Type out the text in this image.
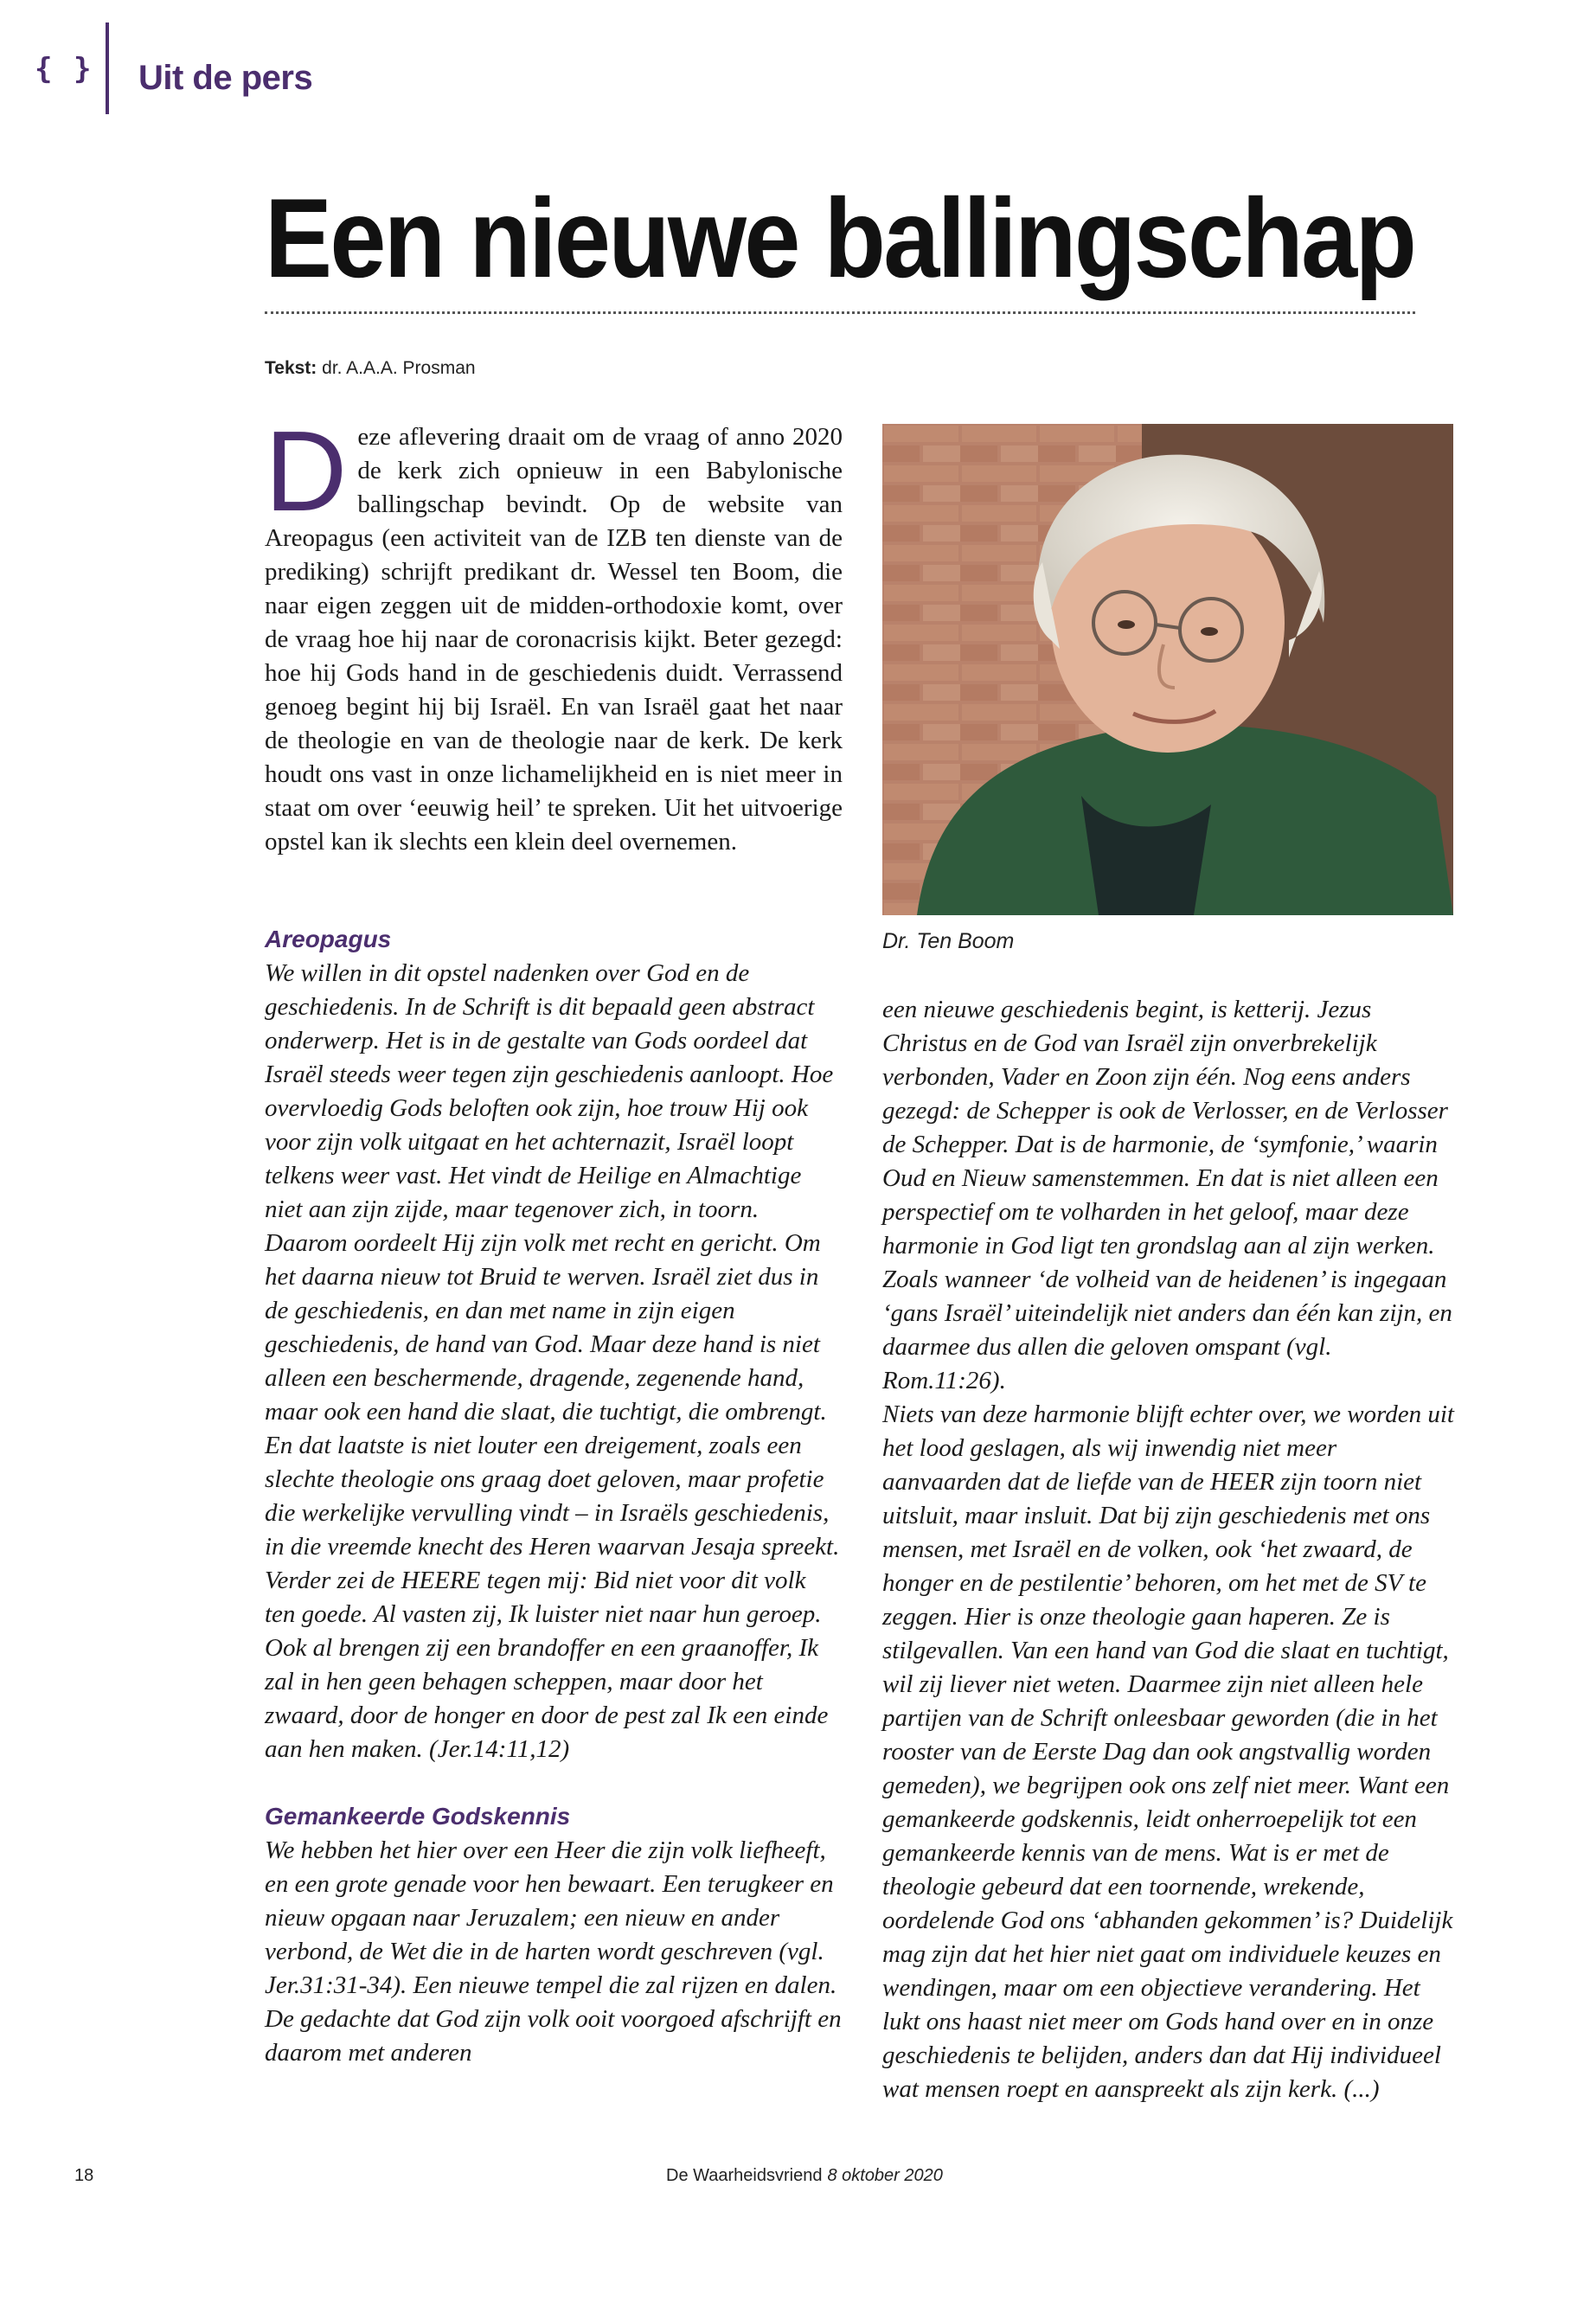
{ } Uit de pers
Een nieuwe ballingschap
Tekst: dr. A.A.A. Prosman
D eze aflevering draait om de vraag of anno 2020 de kerk zich opnieuw in een Babylonische ballingschap bevindt. Op de website van Areopagus (een activiteit van de IZB ten dienste van de prediking) schrijft predikant dr. Wessel ten Boom, die naar eigen zeggen uit de midden-orthodoxie komt, over de vraag hoe hij naar de coronacrisis kijkt. Beter gezegd: hoe hij Gods hand in de geschiedenis duidt. Verrassend genoeg begint hij bij Israël. En van Israël gaat het naar de theologie en van de theologie naar de kerk. De kerk houdt ons vast in onze lichamelijkheid en is niet meer in staat om over ‘eeuwig heil’ te spreken. Uit het uitvoerige opstel kan ik slechts een klein deel overnemen.
Dr. Ten Boom
Areopagus
We willen in dit opstel nadenken over God en de geschiedenis. In de Schrift is dit bepaald geen abstract onderwerp. Het is in de gestalte van Gods oordeel dat Israël steeds weer tegen zijn geschiedenis aanloopt. Hoe overvloedig Gods beloften ook zijn, hoe trouw Hij ook voor zijn volk uitgaat en het achternazit, Israël loopt telkens weer vast. Het vindt de Heilige en Almachtige niet aan zijn zijde, maar tegenover zich, in toorn. Daarom oordeelt Hij zijn volk met recht en gericht. Om het daarna nieuw tot Bruid te werven. Israël ziet dus in de geschiedenis, en dan met name in zijn eigen geschiedenis, de hand van God. Maar deze hand is niet alleen een beschermende, dragende, zegenende hand, maar ook een hand die slaat, die tuchtigt, die ombrengt. En dat laatste is niet louter een dreigement, zoals een slechte theologie ons graag doet geloven, maar profetie die werkelijke vervulling vindt – in Israëls geschiedenis, in die vreemde knecht des Heren waarvan Jesaja spreekt.
Verder zei de HEERE tegen mij: Bid niet voor dit volk ten goede. Al vasten zij, Ik luister niet naar hun geroep. Ook al brengen zij een brandoffer en een graanoffer, Ik zal in hen geen behagen scheppen, maar door het zwaard, door de honger en door de pest zal Ik een einde aan hen maken. (Jer.14:11,12)
Gemankeerde Godskennis
We hebben het hier over een Heer die zijn volk liefheeft, en een grote genade voor hen bewaart. Een terugkeer en nieuw opgaan naar Jeruzalem; een nieuw en ander verbond, de Wet die in de harten wordt geschreven (vgl. Jer.31:31-34). Een nieuwe tempel die zal rijzen en dalen. De gedachte dat God zijn volk ooit voorgoed afschrijft en daarom met anderen
een nieuwe geschiedenis begint, is ketterij. Jezus Christus en de God van Israël zijn onverbrekelijk verbonden, Vader en Zoon zijn één. Nog eens anders gezegd: de Schepper is ook de Verlosser, en de Verlosser de Schepper. Dat is de harmonie, de ‘symfonie,’ waarin Oud en Nieuw samenstemmen. En dat is niet alleen een perspectief om te volharden in het geloof, maar deze harmonie in God ligt ten grondslag aan al zijn werken. Zoals wanneer ‘de volheid van de heidenen’ is ingegaan ‘gans Israël’ uiteindelijk niet anders dan één kan zijn, en daarmee dus allen die geloven omspant (vgl. Rom.11:26).
Niets van deze harmonie blijft echter over, we worden uit het lood geslagen, als wij inwendig niet meer aanvaarden dat de liefde van de HEER zijn toorn niet uitsluit, maar insluit. Dat bij zijn geschiedenis met ons mensen, met Israël en de volken, ook ‘het zwaard, de honger en de pestilentie’ behoren, om het met de SV te zeggen. Hier is onze theologie gaan haperen. Ze is stilgevallen. Van een hand van God die slaat en tuchtigt, wil zij liever niet weten. Daarmee zijn niet alleen hele partijen van de Schrift onleesbaar geworden (die in het rooster van de Eerste Dag dan ook angstvallig worden gemeden), we begrijpen ook ons zelf niet meer. Want een gemankeerde godskennis, leidt onherroepelijk tot een gemankeerde kennis van de mens. Wat is er met de theologie gebeurd dat een toornende, wrekende, oordelende God ons ‘abhanden gekommen’ is? Duidelijk mag zijn dat het hier niet gaat om individuele keuzes en wendingen, maar om een objectieve verandering. Het lukt ons haast niet meer om Gods hand over en in onze geschiedenis te belijden, anders dan dat Hij individueel wat mensen roept en aanspreekt als zijn kerk. (...)
18	De Waarheidsvriend 8 oktober 2020
